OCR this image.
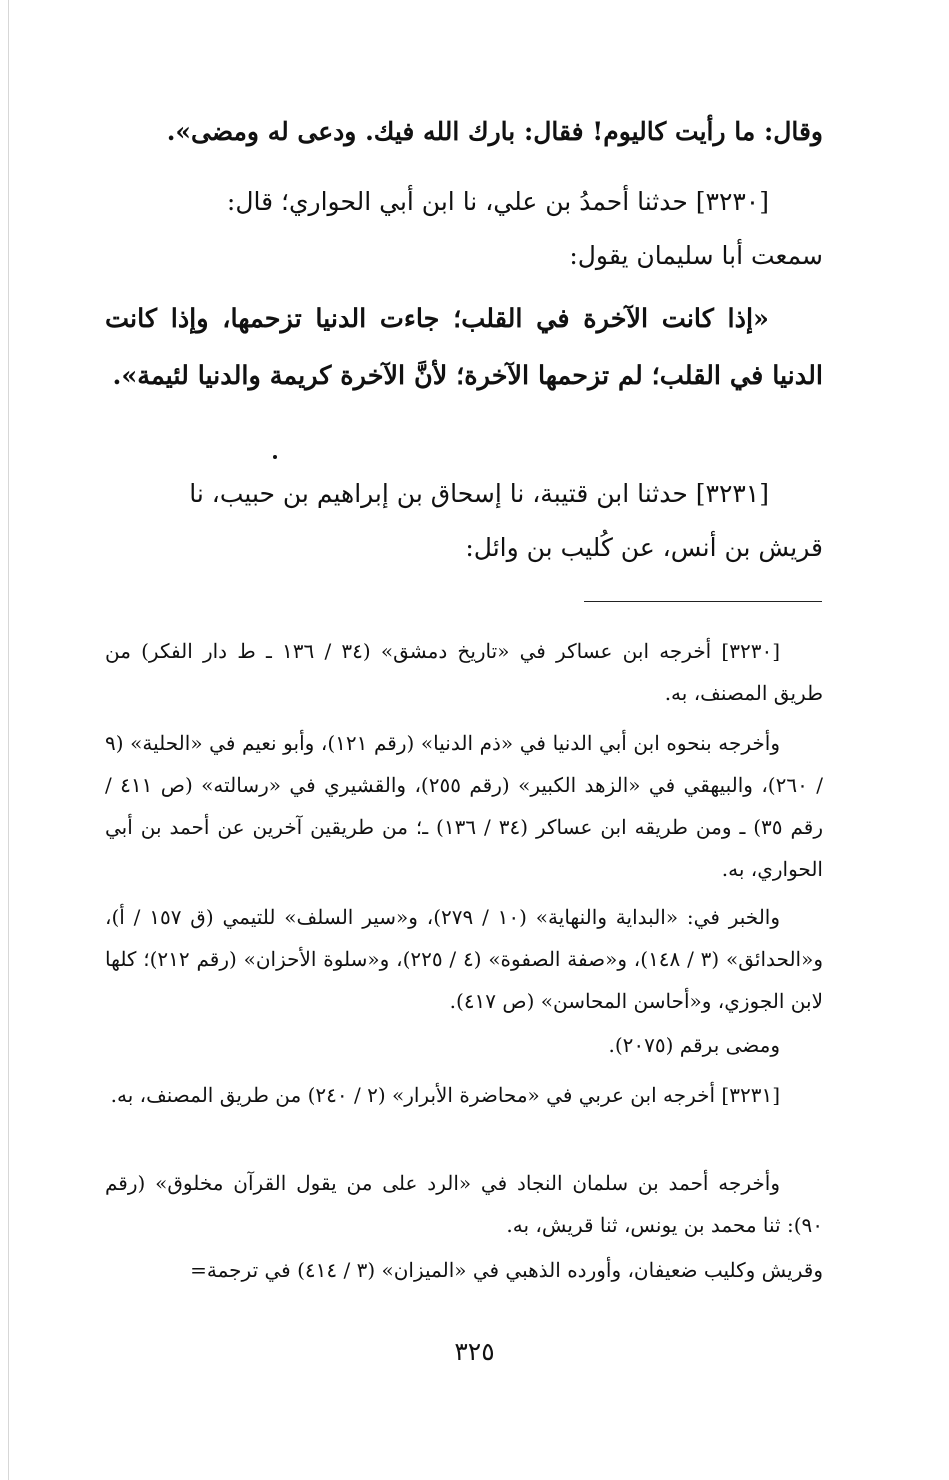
وقال: ما رأيت كاليوم! فقال: بارك الله فيك. ودعى له ومضى».
[٣٢٣٠] حدثنا أحمدُ بن علي، نا ابن أبي الحواري؛ قال:
سمعت أبا سليمان يقول:
«إذا كانت الآخرة في القلب؛ جاءت الدنيا تزحمها، وإذا كانت الدنيا في القلب؛ لم تزحمها الآخرة؛ لأنَّ الآخرة كريمة والدنيا لئيمة».
[٣٢٣١] حدثنا ابن قتيبة، نا إسحاق بن إبراهيم بن حبيب، نا
قريش بن أنس، عن كُليب بن وائل:
[٣٢٣٠] أخرجه ابن عساكر في «تاريخ دمشق» (٣٤ / ١٣٦ ـ ط دار الفكر) من طريق المصنف، به.
وأخرجه بنحوه ابن أبي الدنيا في «ذم الدنيا» (رقم ١٢١)، وأبو نعيم في «الحلية» (٩ / ٢٦٠)، والبيهقي في «الزهد الكبير» (رقم ٢٥٥)، والقشيري في «رسالته» (ص ٤١١ / رقم ٣٥) ـ ومن طريقه ابن عساكر (٣٤ / ١٣٦) ـ؛ من طريقين آخرين عن أحمد بن أبي الحواري، به.
والخبر في: «البداية والنهاية» (١٠ / ٢٧٩)، و«سير السلف» للتيمي (ق ١٥٧ / أ)، و«الحدائق» (٣ / ١٤٨)، و«صفة الصفوة» (٤ / ٢٢٥)، و«سلوة الأحزان» (رقم ٢١٢)؛ كلها لابن الجوزي، و«أحاسن المحاسن» (ص ٤١٧).
ومضى برقم (٢٠٧٥).
[٣٢٣١] أخرجه ابن عربي في «محاضرة الأبرار» (٢ / ٢٤٠) من طريق المصنف، به.
وأخرجه أحمد بن سلمان النجاد في «الرد على من يقول القرآن مخلوق» (رقم ٩٠): ثنا محمد بن يونس، ثنا قريش، به.
وقريش وكليب ضعيفان، وأورده الذهبي في «الميزان» (٣ / ٤١٤) في ترجمة=
٣٢٥
